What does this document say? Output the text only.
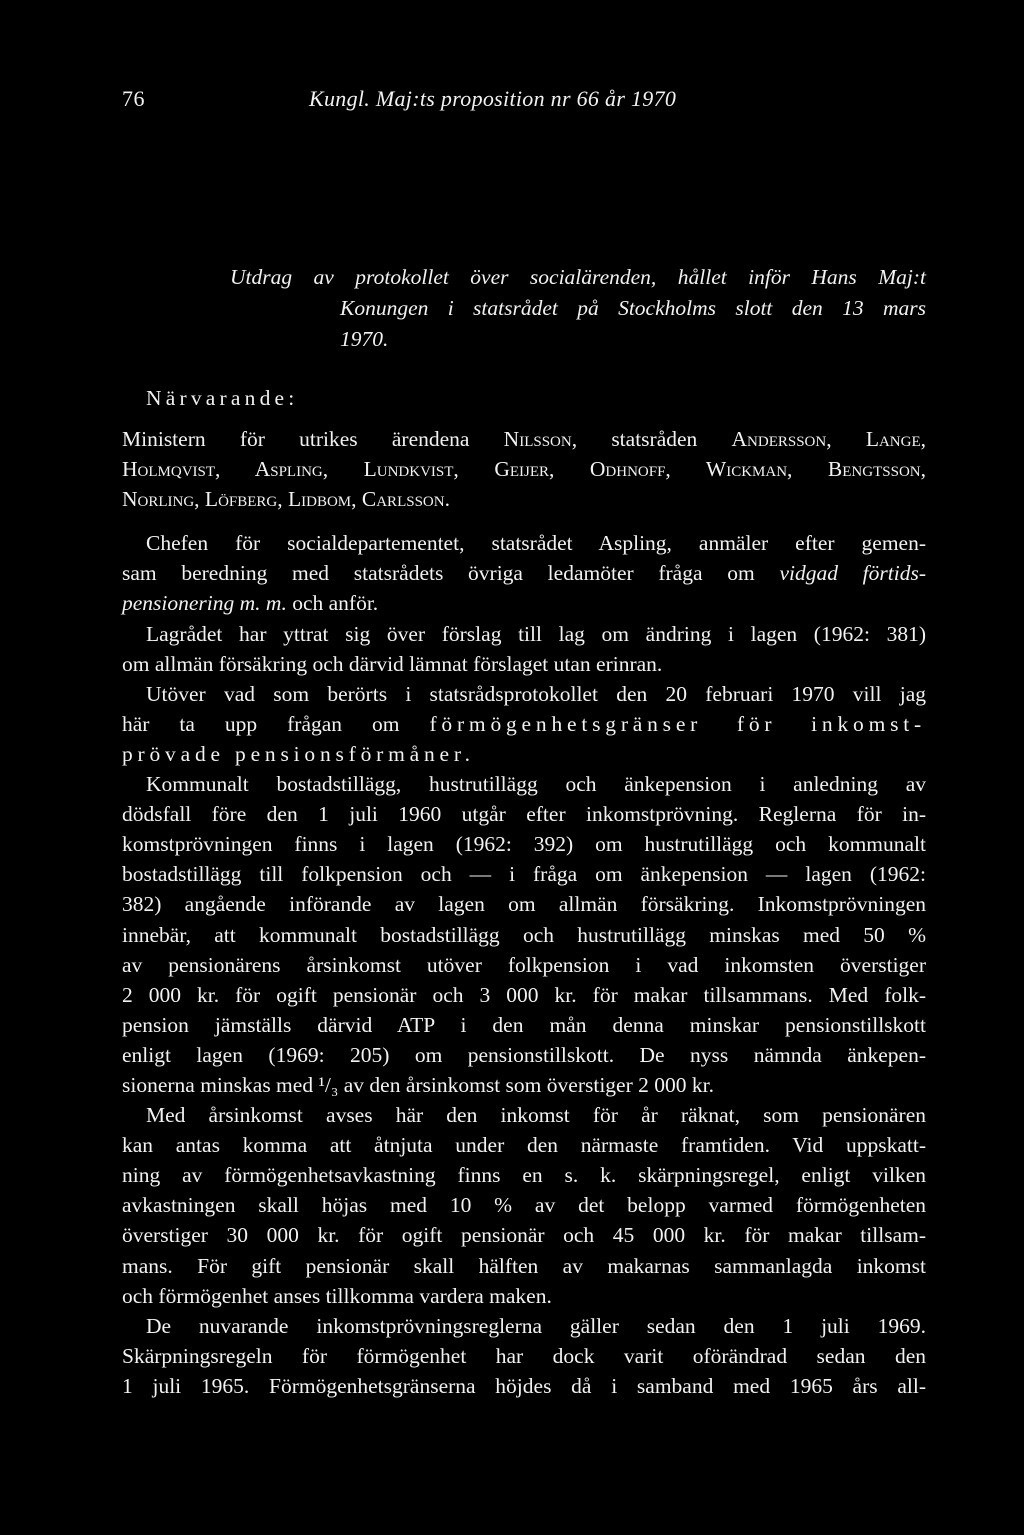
76	Kungl. Maj:ts proposition nr 66 år 1970
Utdrag av protokollet över socialärenden, hållet inför Hans Maj:t
Konungen i statsrådet på Stockholms slott den 13 mars
1970.
Närvarande:

Ministern för utrikes ärendena Nilsson, statsråden Andersson, Lange,
Holmqvist, Aspling, Lundkvist, Geijer, Odhnoff, Wickman, Bengtsson,
Norling, Löfberg, Lidbom, Carlsson.

Chefen för socialdepartementet, statsrådet Aspling, anmäler efter gemen-
sam beredning med statsrådets övriga ledamöter fråga om vidgad förtids-
pensionering m. m. och anför.

Lagrådet har yttrat sig över förslag till lag om ändring i lagen (1962: 381)
om allmän försäkring och därvid lämnat förslaget utan erinran.

Utöver vad som berörts i statsrådsprotokollet den 20 februari 1970 vill jag
här ta upp frågan om förmögenhetsgränser för inkomst-
prövade pensionsförmåner.

Kommunalt bostadstillägg, hustrutillägg och änkepension i anledning av
dödsfall före den 1 juli 1960 utgår efter inkomstprövning. Reglerna för in-
komstprövningen finns i lagen (1962: 392) om hustrutillägg och kommunalt
bostadstillägg till folkpension och — i fråga om änkepension — lagen (1962:
382) angående införande av lagen om allmän försäkring. Inkomstprövningen
innebär, att kommunalt bostadstillägg och hustrutillägg minskas med 50 %
av pensionärens årsinkomst utöver folkpension i vad inkomsten överstiger
2 000 kr. för ogift pensionär och 3 000 kr. för makar tillsammans. Med folk-
pension jämställs därvid ATP i den mån denna minskar pensionstillskott
enligt lagen (1969: 205) om pensionstillskott. De nyss nämnda änkepen-
sionerna minskas med ¹/₃ av den årsinkomst som överstiger 2 000 kr.

Med årsinkomst avses här den inkomst för år räknat, som pensionären
kan antas komma att åtnjuta under den närmaste framtiden. Vid uppskatt-
ning av förmögenhetsavkastning finns en s. k. skärpningsregel, enligt vilken
avkastningen skall höjas med 10 % av det belopp varmed förmögenheten
överstiger 30 000 kr. för ogift pensionär och 45 000 kr. för makar tillsam-
mans. För gift pensionär skall hälften av makarnas sammanlagda inkomst
och förmögenhet anses tillkomma vardera maken.

De nuvarande inkomstprövningsreglerna gäller sedan den 1 juli 1969.
Skärpningsregeln för förmögenhet har dock varit oförändrad sedan den
1 juli 1965. Förmögenhetsgränserna höjdes då i samband med 1965 års all-
